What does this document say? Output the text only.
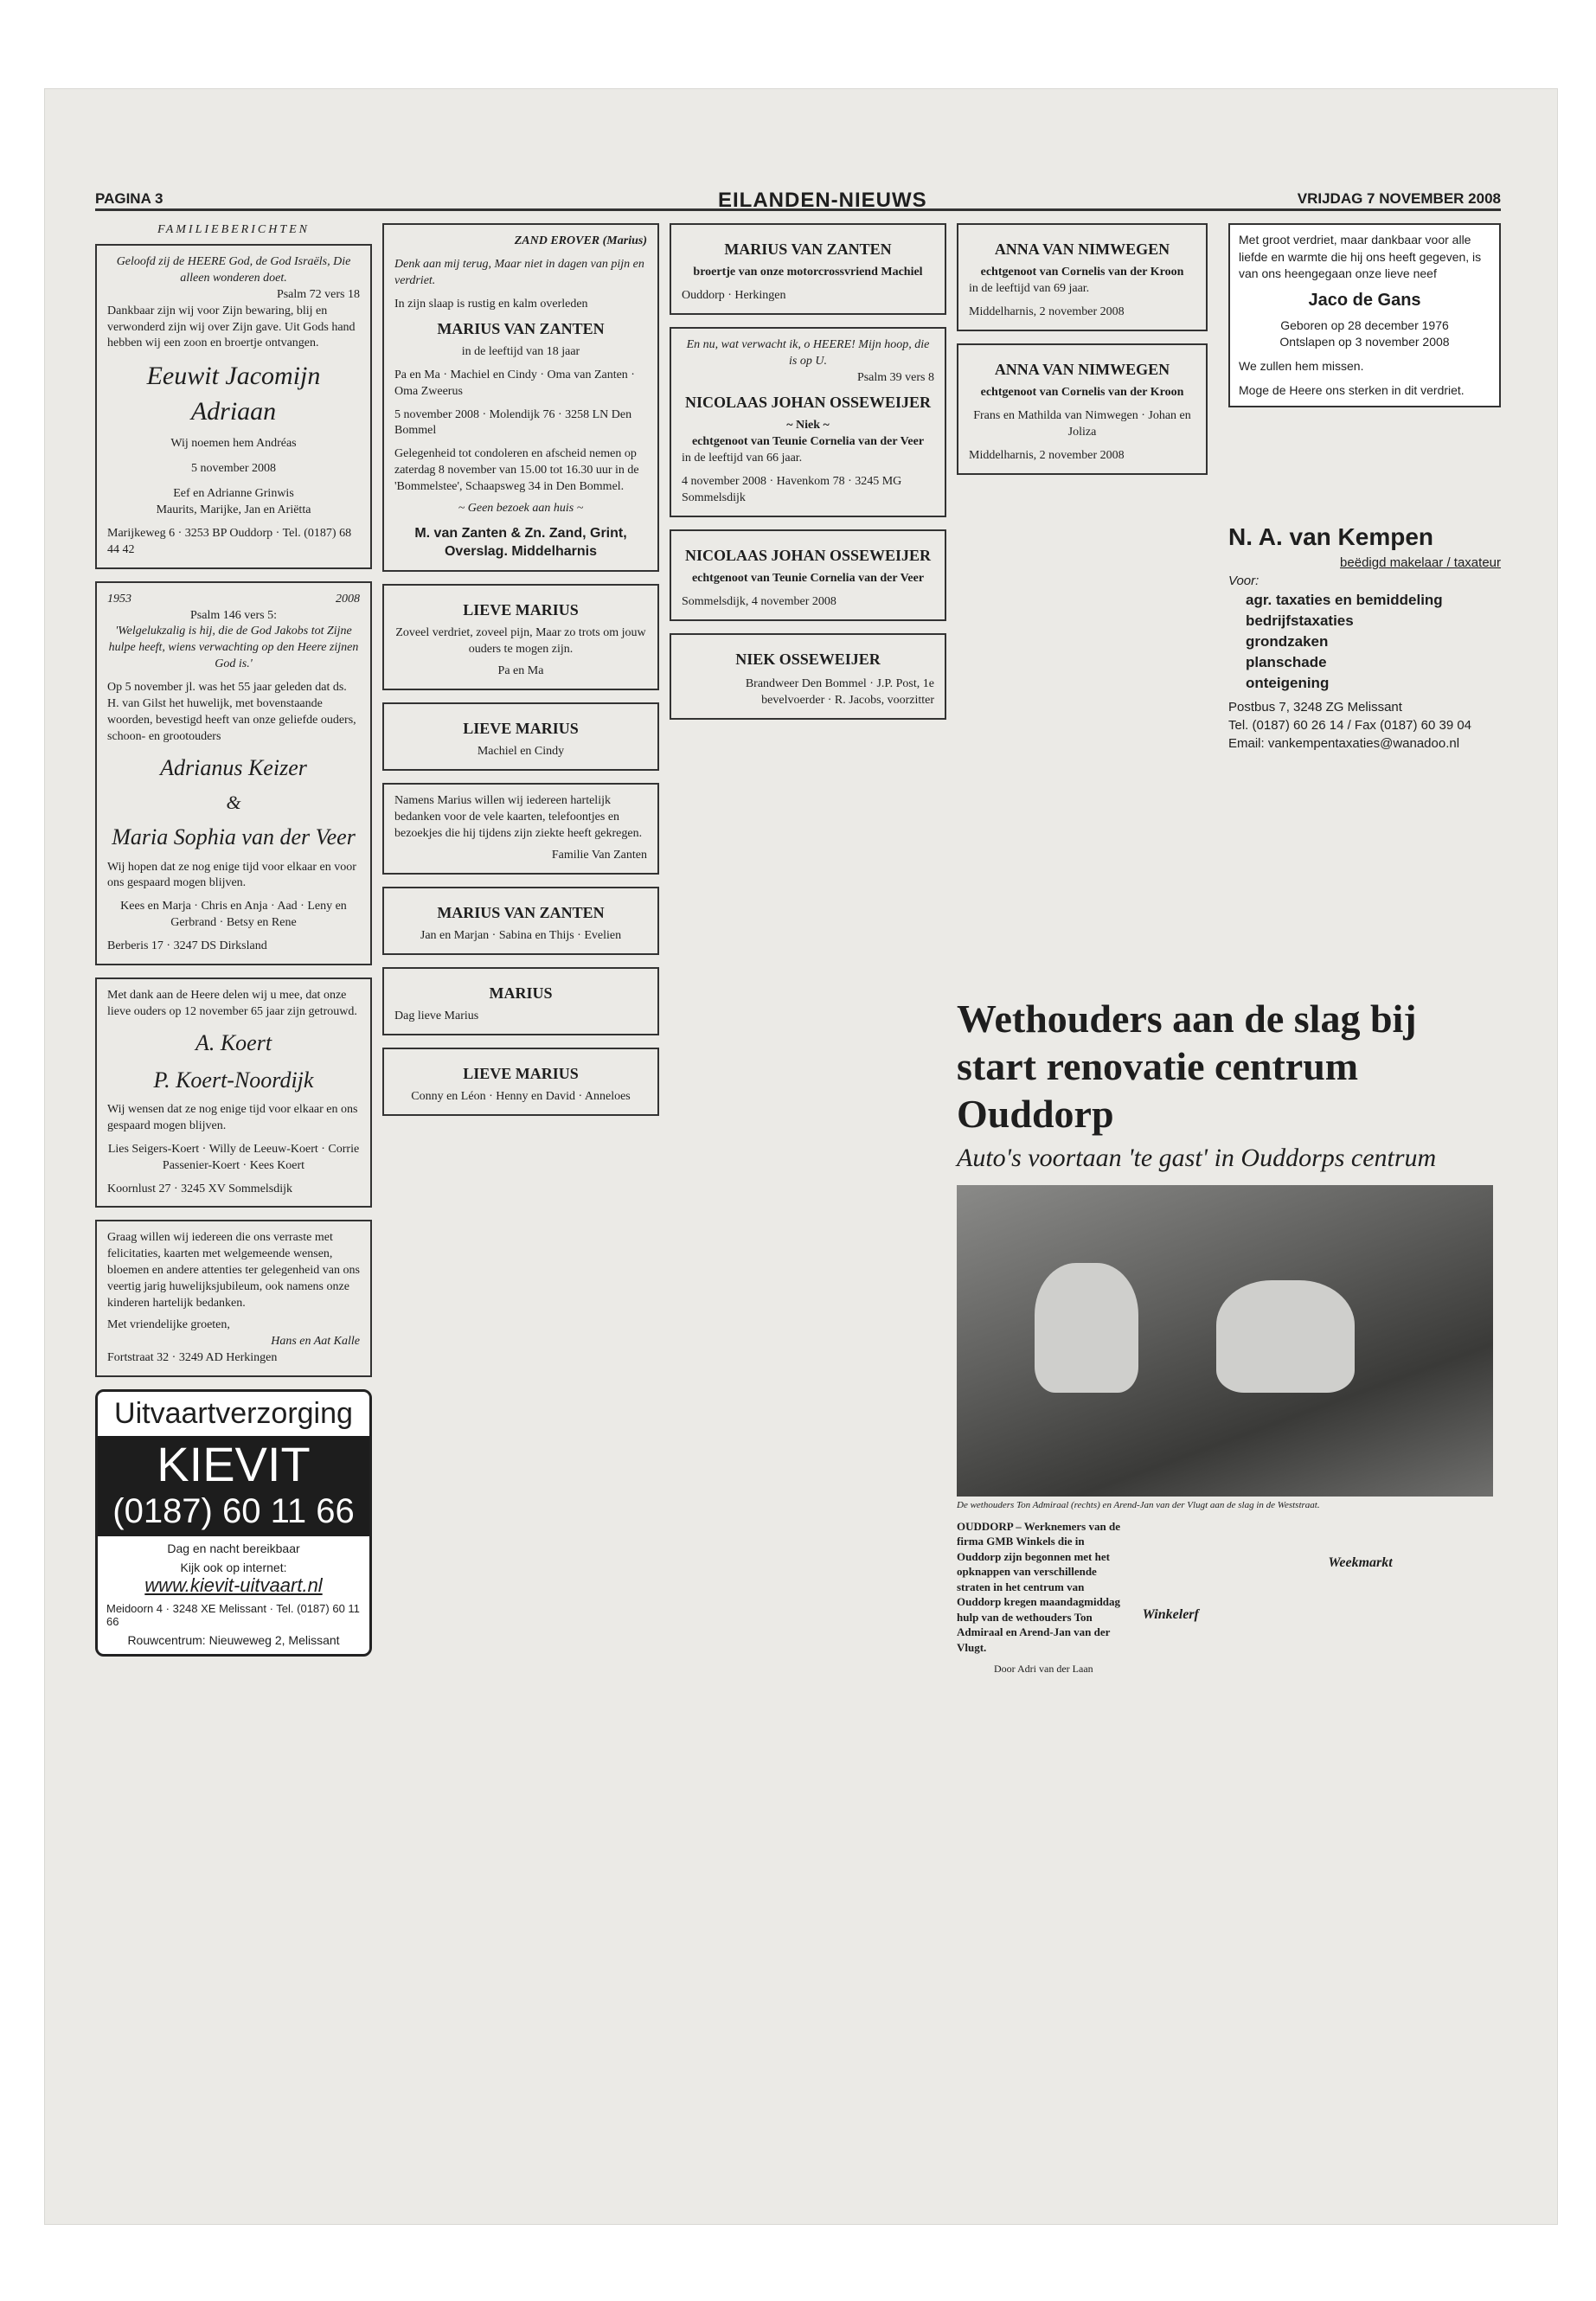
PAGINA 3	EILANDEN-NIEUWS	VRIJDAG 7 NOVEMBER 2008
FAMILIEBERICHTEN
Geloofd zij de HEERE God, de God Israëls, Die alleen wonderen doet.
Psalm 72 vers 18
Dankbaar zijn wij voor Zijn bewaring, blij en verwonderd zijn wij over Zijn gave. Uit Gods hand hebben wij een zoon en broertje ontvangen.
Eeuwit Jacomijn Adriaan
Wij noemen hem Andréas
5 november 2008
Eef en Adrianne Grinwis
Maurits, Marijke, Jan en Ariëtta
Marijkeweg 6 · 3253 BP Ouddorp · Tel. (0187) 68 44 42
1953	2008
Psalm 146 vers 5:
'Welgelukzalig is hij, die de God Jakobs tot Zijne hulpe heeft, wiens verwachting op den Heere zijnen God is.'
Op 5 november jl. was het 55 jaar geleden dat ds. H. van Gilst het huwelijk, met bovenstaande woorden, bevestigd heeft van onze geliefde ouders, schoon- en grootouders
Adrianus Keizer
&
Maria Sophia van der Veer
Wij hopen dat ze nog enige tijd voor elkaar en voor ons gespaard mogen blijven.
Kees en Marja · Chris en Anja · Aad · Leny en Gerbrand · Betsy en Rene
Berberis 17 · 3247 DS Dirksland
Met dank aan de Heere delen wij u mee, dat onze lieve ouders op 12 november 65 jaar zijn getrouwd.
A. Koert
P. Koert-Noordijk
Wij wensen dat ze nog enige tijd voor elkaar en ons gespaard mogen blijven.
Lies Seigers-Koert · Willy de Leeuw-Koert · Corrie Passenier-Koert · Kees Koert
Koornlust 27 · 3245 XV Sommelsdijk
Graag willen wij iedereen die ons verraste met felicitaties, kaarten met welgemeende wensen, bloemen en andere attenties ter gelegenheid van ons veertig jarig huwelijksjubileum, ook namens onze kinderen hartelijk bedanken.
Met vriendelijke groeten,
Hans en Aat Kalle
Fortstraat 32 · 3249 AD Herkingen
Uitvaartverzorging
KIEVIT
(0187) 60 11 66
Dag en nacht bereikbaar
Kijk ook op internet:
www.kievit-uitvaart.nl
Meidoorn 4 · 3248 XE Melissant · Tel. (0187) 60 11 66
Rouwcentrum: Nieuweweg 2, Melissant
ZAND EROVER (Marius)
Denk aan mij terug, Maar niet in dagen van pijn en verdriet.
In zijn slaap is rustig en kalm overleden
MARIUS VAN ZANTEN
in de leeftijd van 18 jaar
Pa en Ma · Machiel en Cindy · Oma van Zanten · Oma Zweerus
5 november 2008 · Molendijk 76 · 3258 LN Den Bommel
Gelegenheid tot condoleren en afscheid nemen op zaterdag 8 november van 15.00 tot 16.30 uur in de 'Bommelstee', Schaapsweg 34 in Den Bommel.
~ Geen bezoek aan huis ~
M. van Zanten & Zn. Zand, Grint, Overslag. Middelharnis
LIEVE MARIUS
Zoveel verdriet, zoveel pijn, Maar zo trots om jouw ouders te mogen zijn.
Pa en Ma
LIEVE MARIUS
Machiel en Cindy
Namens Marius willen wij iedereen hartelijk bedanken voor de vele kaarten, telefoontjes en bezoekjes die hij tijdens zijn ziekte heeft gekregen.
Familie Van Zanten
MARIUS VAN ZANTEN
Jan en Marjan · Sabina en Thijs · Evelien
MARIUS
Dag lieve Marius
LIEVE MARIUS
Conny en Léon · Henny en David · Anneloes
MARIUS VAN ZANTEN
broertje van onze motorcrossvriend Machiel
Ouddorp · Herkingen
En nu, wat verwacht ik, o HEERE! Mijn hoop, die is op U.
Psalm 39 vers 8
NICOLAAS JOHAN OSSEWEIJER
~ Niek ~
echtgenoot van Teunie Cornelia van der Veer
in de leeftijd van 66 jaar.
4 november 2008 · Havenkom 78 · 3245 MG Sommelsdijk
NICOLAAS JOHAN OSSEWEIJER
echtgenoot van Teunie Cornelia van der Veer
Sommelsdijk, 4 november 2008
NIEK OSSEWEIJER
Brandweer Den Bommel · J.P. Post, 1e bevelvoerder · R. Jacobs, voorzitter
ANNA VAN NIMWEGEN
echtgenoot van Cornelis van der Kroon
in de leeftijd van 69 jaar.
Middelharnis, 2 november 2008
ANNA VAN NIMWEGEN
echtgenoot van Cornelis van der Kroon
Frans en Mathilda van Nimwegen · Johan en Joliza
Middelharnis, 2 november 2008
Met groot verdriet, maar dankbaar voor alle liefde en warmte die hij ons heeft gegeven, is van ons heengegaan onze lieve neef
Jaco de Gans
Geboren op 28 december 1976
Ontslapen op 3 november 2008
We zullen hem missen.
Moge de Heere ons sterken in dit verdriet.
N. A. van Kempen
beëdigd makelaar / taxateur
Voor:
agr. taxaties en bemiddeling
bedrijfstaxaties
grondzaken
planschade
onteigening
Postbus 7, 3248 ZG Melissant
Tel. (0187) 60 26 14 / Fax (0187) 60 39 04
Email: vankempentaxaties@wanadoo.nl
Wethouders aan de slag bij start renovatie centrum Ouddorp
Auto's voortaan 'te gast' in Ouddorps centrum
De wethouders Ton Admiraal (rechts) en Arend-Jan van der Vlugt aan de slag in de Weststraat.
OUDDORP – Werknemers van de firma GMB Winkels die in Ouddorp zijn begonnen met het opknappen van verschillende straten in het centrum van Ouddorp kregen maandagmiddag hulp van de wethouders Ton Admiraal en Arend-Jan van der Vlugt.
Door Adri van der Laan
Winkelerf
Weekmarkt
